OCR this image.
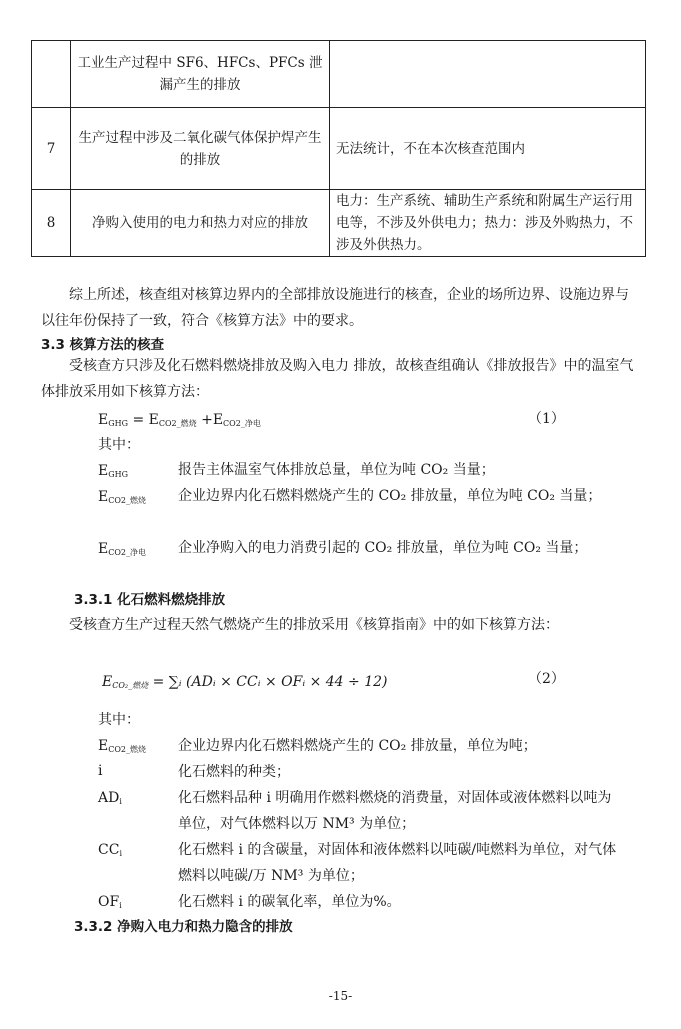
	工业生产过程中 SF6、HFCs、PFCs 泄漏产生的排放	
7	生产过程中涉及二氧化碳气体保护焊产生的排放	无法统计，不在本次核查范围内
8	净购入使用的电力和热力对应的排放	电力：生产系统、辅助生产系统和附属生产运行用电等，不涉及外供电力；热力：涉及外购热力，不涉及外供热力。
综上所述，核查组对核算边界内的全部排放设施进行的核查，企业的场所边界、设施边界与以往年份保持了一致，符合《核算方法》中的要求。
3.3 核算方法的核查
受核查方只涉及化石燃料燃烧排放及购入电力 排放，故核查组确认《排放报告》中的温室气体排放采用如下核算方法：
EGHG = ECO2_燃烧 +ECO2_净电	（1）
其中：
EGHG	报告主体温室气体排放总量，单位为吨 CO₂ 当量；
ECO2_燃烧	企业边界内化石燃料燃烧产生的 CO₂ 排放量，单位为吨 CO₂ 当量；
ECO2_净电	企业净购入的电力消费引起的 CO₂ 排放量，单位为吨 CO₂ 当量；
3.3.1 化石燃料燃烧排放
受核查方生产过程天然气燃烧产生的排放采用《核算指南》中的如下核算方法：
ECO₂_燃烧 = ∑ᵢ (ADᵢ × CCᵢ × OFᵢ × 44 ÷ 12)	（2）
其中：
ECO2_燃烧	企业边界内化石燃料燃烧产生的 CO₂ 排放量，单位为吨；
i	化石燃料的种类；
ADi	化石燃料品种 i 明确用作燃料燃烧的消费量，对固体或液体燃料以吨为单位，对气体燃料以万 NM³ 为单位；
CCi	化石燃料 i 的含碳量，对固体和液体燃料以吨碳/吨燃料为单位，对气体燃料以吨碳/万 NM³ 为单位；
OFi	化石燃料 i 的碳氧化率，单位为%。
3.3.2 净购入电力和热力隐含的排放
-15-
